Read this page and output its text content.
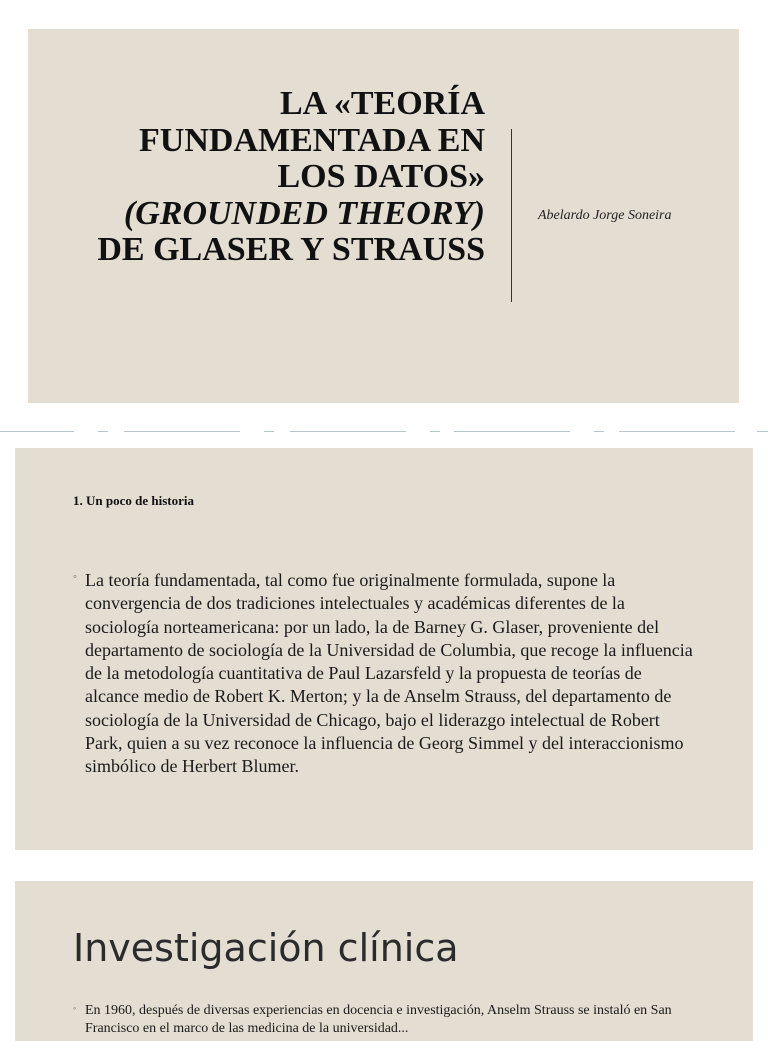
LA «TEORÍA
FUNDAMENTADA EN
LOS DATOS»
(GROUNDED THEORY)
DE GLASER Y STRAUSS
Abelardo Jorge Soneira
1. Un poco de historia
◦ La teoría fundamentada, tal como fue originalmente formulada, supone la convergencia de dos tradiciones intelectuales y académicas diferentes de la sociología norteamericana: por un lado, la de Barney G. Glaser, proveniente del departamento de sociología de la Universidad de Columbia, que recoge la influencia de la metodología cuantitativa de Paul Lazarsfeld y la propuesta de teorías de alcance medio de Robert K. Merton; y la de Anselm Strauss, del departamento de sociología de la Universidad de Chicago, bajo el liderazgo intelectual de Robert Park, quien a su vez reconoce la influencia de Georg Simmel y del interaccionismo simbólico de Herbert Blumer.
Investigación clínica
◦ En 1960, después de diversas experiencias en docencia e investigación, Anselm Strauss se instaló en San Francisco en el marco de las medicina de la universidad...
